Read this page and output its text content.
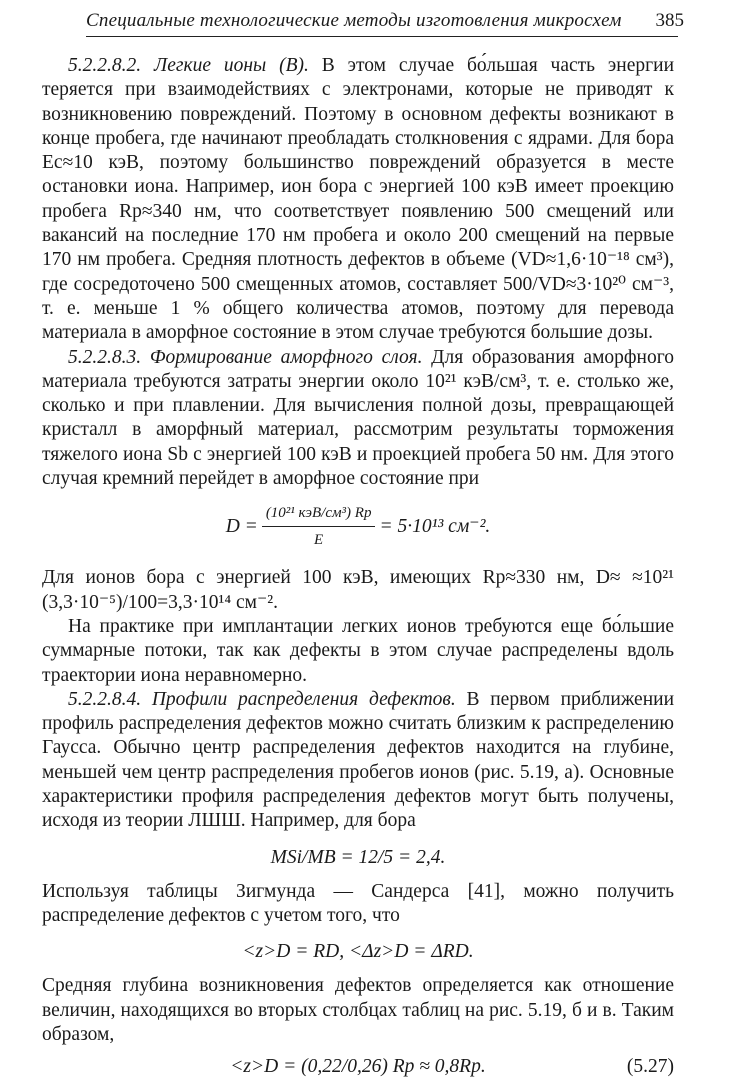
Специальные технологические методы изготовления микросхем 385

5.2.2.8.2. Легкие ионы (B). В этом случае бо́льшая часть энергии теряется при взаимодействиях с электронами, которые не приводят к возникновению повреждений. Поэтому в основном дефекты возникают в конце пробега, где начинают преобладать столкновения с ядрами. Для бора Eс≈10 кэВ, поэтому большинство повреждений образуется в месте остановки иона. Например, ион бора с энергией 100 кэВ имеет проекцию пробега Rp≈340 нм, что соответствует появлению 500 смещений или вакансий на последние 170 нм пробега и около 200 смещений на первые 170 нм пробега. Средняя плотность дефектов в объеме (VD≈1,6·10⁻¹⁸ см³), где сосредоточено 500 смещенных атомов, составляет 500/VD≈3·10²⁰ см⁻³, т. е. меньше 1 % общего количества атомов, поэтому для перевода материала в аморфное состояние в этом случае требуются большие дозы.

5.2.2.8.3. Формирование аморфного слоя. Для образования аморфного материала требуются затраты энергии около 10²¹ кэВ/см³, т. е. столько же, сколько и при плавлении. Для вычисления полной дозы, превращающей кристалл в аморфный материал, рассмотрим результаты торможения тяжелого иона Sb с энергией 100 кэВ и проекцией пробега 50 нм. Для этого случая кремний перейдет в аморфное состояние при

$D = \frac{\text{(10²¹ кэВ/см³) Rp}}{E} = 5\cdot 10^{13}$ см⁻².

Для ионов бора с энергией 100 кэВ, имеющих Rp≈330 нм, D≈ ≈10²¹ (3,3·10⁻⁵)/100=3,3·10¹⁴ см⁻².

На практике при имплантации легких ионов требуются еще бо́льшие суммарные потоки, так как дефекты в этом случае распределены вдоль траектории иона неравномерно.

5.2.2.8.4. Профили распределения дефектов. В первом приближении профиль распределения дефектов можно считать близким к распределению Гаусса. Обычно центр распределения дефектов находится на глубине, меньшей чем центр распределения пробегов ионов (рис. 5.19, а). Основные характеристики профиля распределения дефектов могут быть получены, исходя из теории ЛШШ. Например, для бора

MSi/MB = 12/5 = 2,4.

Используя таблицы Зигмунда — Сандерса [41], можно получить распределение дефектов с учетом того, что

<z>D = RD, <Δz>D = ΔRD.

Средняя глубина возникновения дефектов определяется как отношение величин, находящихся во вторых столбцах таблиц на рис. 5.19, б и в. Таким образом,

<z>D = (0,22/0,26) Rp ≈ 0,8Rp.	(5.27)
